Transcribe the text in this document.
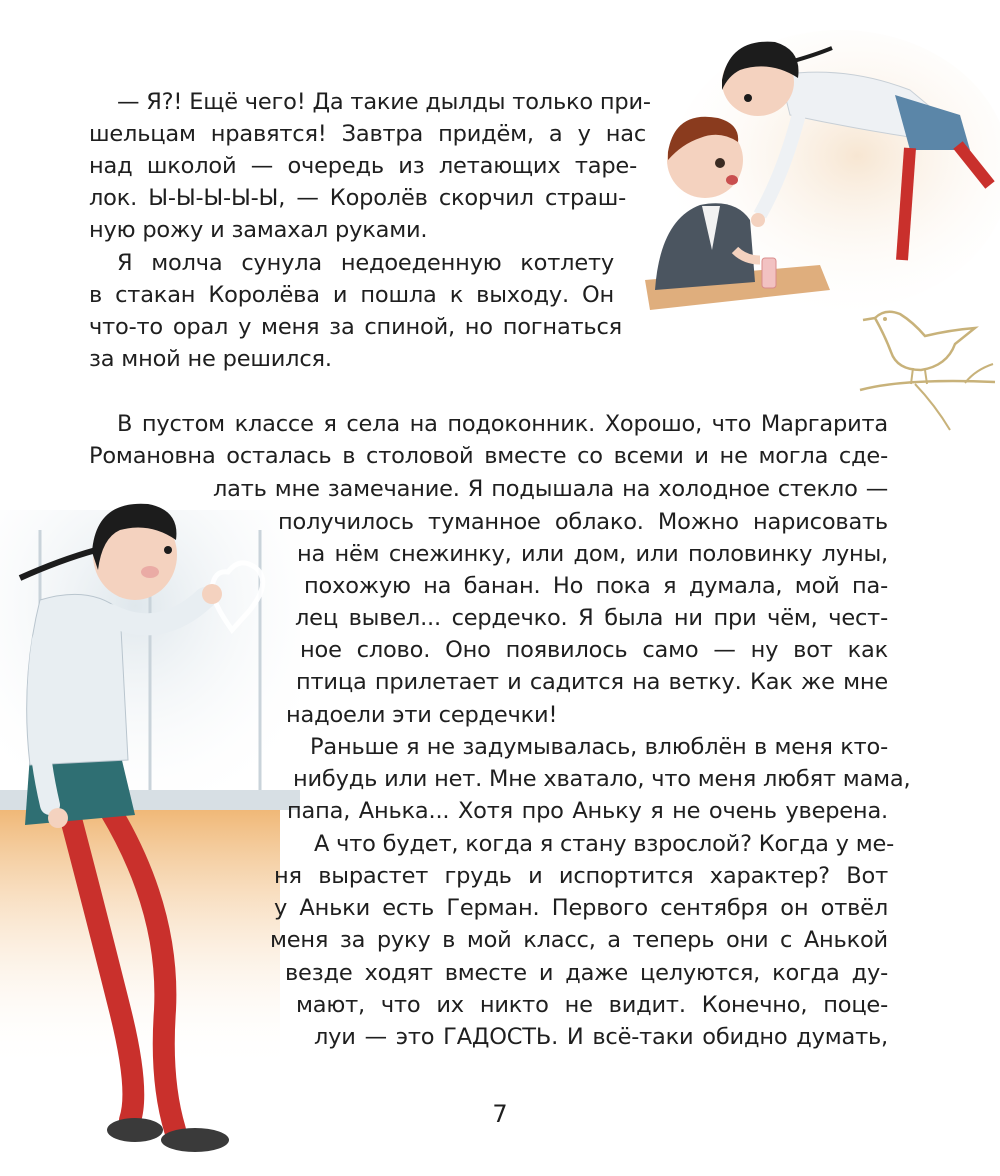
— Я?! Ещё чего! Да такие дылды только при-

шельцам нравятся! Завтра придём, а у нас

над школой — очередь из летающих таре-

лок. Ы-Ы-Ы-Ы-Ы, — Королёв скорчил страш-

ную рожу и замахал руками.

Я молча сунула недоеденную котлету

в стакан Королёва и пошла к выходу. Он

что-то орал у меня за спиной, но погнаться

за мной не решился.

В пустом классе я села на подоконник. Хорошо, что Маргарита

Романовна осталась в столовой вместе со всеми и не могла сде-

лать мне замечание. Я подышала на холодное стекло —

получилось туманное облако. Можно нарисовать

на нём снежинку, или дом, или половинку луны,

похожую на банан. Но пока я думала, мой па-

лец вывел... сердечко. Я была ни при чём, чест-

ное слово. Оно появилось само — ну вот как

птица прилетает и садится на ветку. Как же мне

надоели эти сердечки!

Раньше я не задумывалась, влюблён в меня кто-

нибудь или нет. Мне хватало, что меня любят мама,

папа, Анька... Хотя про Аньку я не очень уверена.

А что будет, когда я стану взрослой? Когда у ме-

ня вырастет грудь и испортится характер? Вот

у Аньки есть Герман. Первого сентября он отвёл

меня за руку в мой класс, а теперь они с Анькой

везде ходят вместе и даже целуются, когда ду-

мают, что их никто не видит. Конечно, поце-

луи — это ГАДОСТЬ. И всё-таки обидно думать,

7
